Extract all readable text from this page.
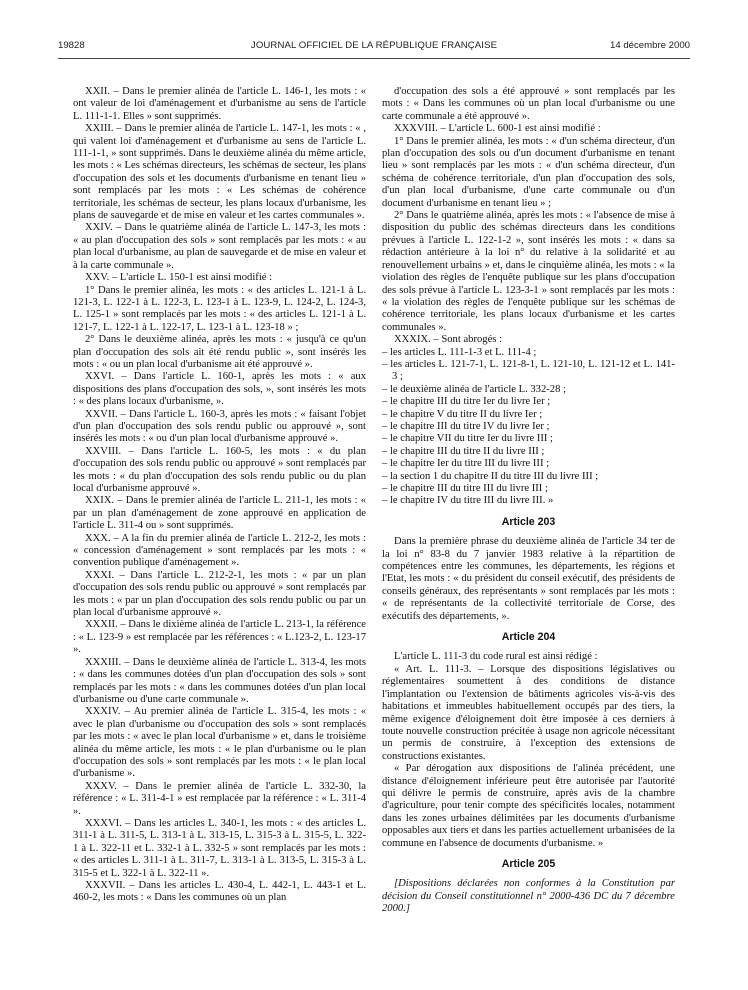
19828	JOURNAL OFFICIEL DE LA RÉPUBLIQUE FRANÇAISE	14 décembre 2000

XXII. – Dans le premier alinéa de l'article L. 146-1, les mots : « ont valeur de loi d'aménagement et d'urbanisme au sens de l'article L. 111-1-1. Elles » sont supprimés.

XXIII. – Dans le premier alinéa de l'article L. 147-1, les mots : « , qui valent loi d'aménagement et d'urbanisme au sens de l'article L. 111-1-1, » sont supprimés. Dans le deuxième alinéa du même article, les mots : « Les schémas directeurs, les schémas de secteur, les plans d'occupation des sols et les documents d'urbanisme en tenant lieu » sont remplacés par les mots : « Les schémas de cohérence territoriale, les schémas de secteur, les plans locaux d'urbanisme, les plans de sauvegarde et de mise en valeur et les cartes communales ».

XXIV. – Dans le quatrième alinéa de l'article L. 147-3, les mots : « au plan d'occupation des sols » sont remplacés par les mots : « au plan local d'urbanisme, au plan de sauvegarde et de mise en valeur et à la carte communale ».

XXV. – L'article L. 150-1 est ainsi modifié :

1° Dans le premier alinéa, les mots : « des articles L. 121-1 à L. 121-3, L. 122-1 à L. 122-3, L. 123-1 à L. 123-9, L. 124-2, L. 124-3, L. 125-1 » sont remplacés par les mots : « des articles L. 121-1 à L. 121-7, L. 122-1 à L. 122-17, L. 123-1 à L. 123-18 » ;

2° Dans le deuxième alinéa, après les mots : « jusqu'à ce qu'un plan d'occupation des sols ait été rendu public », sont insérés les mots : « ou un plan local d'urbanisme ait été approuvé ».

XXVI. – Dans l'article L. 160-1, après les mots : « aux dispositions des plans d'occupation des sols, », sont insérés les mots : « des plans locaux d'urbanisme, ».

XXVII. – Dans l'article L. 160-3, après les mots : « faisant l'objet d'un plan d'occupation des sols rendu public ou approuvé », sont insérés les mots : « ou d'un plan local d'urbanisme approuvé ».

XXVIII. – Dans l'article L. 160-5, les mots : « du plan d'occupation des sols rendu public ou approuvé » sont remplacés par les mots : « du plan d'occupation des sols rendu public ou du plan local d'urbanisme approuvé ».

XXIX. – Dans le premier alinéa de l'article L. 211-1, les mots : « par un plan d'aménagement de zone approuvé en application de l'article L. 311-4 ou » sont supprimés.

XXX. – A la fin du premier alinéa de l'article L. 212-2, les mots : « concession d'aménagement » sont remplacés par les mots : « convention publique d'aménagement ».

XXXI. – Dans l'article L. 212-2-1, les mots : « par un plan d'occupation des sols rendu public ou approuvé » sont remplacés par les mots : « par un plan d'occupation des sols rendu public ou par un plan local d'urbanisme approuvé ».

XXXII. – Dans le dixième alinéa de l'article L. 213-1, la référence : « L. 123-9 » est remplacée par les références : « L.123-2, L. 123-17 ».

XXXIII. – Dans le deuxième alinéa de l'article L. 313-4, les mots : « dans les communes dotées d'un plan d'occupation des sols » sont remplacés par les mots : « dans les communes dotées d'un plan local d'urbanisme ou d'une carte communale ».

XXXIV. – Au premier alinéa de l'article L. 315-4, les mots : « avec le plan d'urbanisme ou d'occupation des sols » sont remplacés par les mots : « avec le plan local d'urbanisme » et, dans le troisième alinéa du même article, les mots : « le plan d'urbanisme ou le plan d'occupation des sols » sont remplacés par les mots : « le plan local d'urbanisme ».

XXXV. – Dans le premier alinéa de l'article L. 332-30, la référence : « L. 311-4-1 » est remplacée par la référence : « L. 311-4 ».

XXXVI. – Dans les articles L. 340-1, les mots : « des articles L. 311-1 à L. 311-5, L. 313-1 à L. 313-15, L. 315-3 à L. 315-5, L. 322-1 à L. 322-11 et L. 332-1 à L. 332-5 » sont remplacés par les mots : « des articles L. 311-1 à L. 311-7, L. 313-1 à L. 313-5, L. 315-3 à L. 315-5 et L. 322-1 à L. 322-11 ».

XXXVII. – Dans les articles L. 430-4, L. 442-1, L. 443-1 et L. 460-2, les mots : « Dans les communes où un plan

d'occupation des sols a été approuvé » sont remplacés par les mots : « Dans les communes où un plan local d'urbanisme ou une carte communale a été approuvé ».

XXXVIII. – L'article L. 600-1 est ainsi modifié :

1° Dans le premier alinéa, les mots : « d'un schéma directeur, d'un plan d'occupation des sols ou d'un document d'urbanisme en tenant lieu » sont remplacés par les mots : « d'un schéma directeur, d'un schéma de cohérence territoriale, d'un plan d'occupation des sols, d'un plan local d'urbanisme, d'une carte communale ou d'un document d'urbanisme en tenant lieu » ;

2° Dans le quatrième alinéa, après les mots : « l'absence de mise à disposition du public des schémas directeurs dans les conditions prévues à l'article L. 122-1-2 », sont insérés les mots : « dans sa rédaction antérieure à la loi n° du relative à la solidarité et au renouvellement urbains » et, dans le cinquième alinéa, les mots : « la violation des règles de l'enquête publique sur les plans d'occupation des sols prévue à l'article L. 123-3-1 » sont remplacés par les mots : « la violation des règles de l'enquête publique sur les schémas de cohérence territoriale, les plans locaux d'urbanisme et les cartes communales ».

XXXIX. – Sont abrogés :

– les articles L. 111-1-3 et L. 111-4 ;

– les articles L. 121-7-1, L. 121-8-1, L. 121-10, L. 121-12 et L. 141-3 ;

– le deuxième alinéa de l'article L. 332-28 ;

– le chapitre III du titre Ier du livre Ier ;

– le chapitre V du titre II du livre Ier ;

– le chapitre III du titre IV du livre Ier ;

– le chapitre VII du titre Ier du livre III ;

– le chapitre III du titre II du livre III ;

– le chapitre Ier du titre III du livre III ;

– la section 1 du chapitre II du titre III du livre III ;

– le chapitre III du titre III du livre III ;

– le chapitre IV du titre III du livre III. »

Article 203

Dans la première phrase du deuxième alinéa de l'article 34 ter de la loi n° 83-8 du 7 janvier 1983 relative à la répartition de compétences entre les communes, les départements, les régions et l'Etat, les mots : « du président du conseil exécutif, des présidents de conseils généraux, des représentants » sont remplacés par les mots : « de représentants de la collectivité territoriale de Corse, des exécutifs des départements, ».

Article 204

L'article L. 111-3 du code rural est ainsi rédigé :

« Art. L. 111-3. – Lorsque des dispositions législatives ou réglementaires soumettent à des conditions de distance l'implantation ou l'extension de bâtiments agricoles vis-à-vis des habitations et immeubles habituellement occupés par des tiers, la même exigence d'éloignement doit être imposée à ces derniers à toute nouvelle construction précitée à usage non agricole nécessitant un permis de construire, à l'exception des extensions de constructions existantes.

« Par dérogation aux dispositions de l'alinéa précédent, une distance d'éloignement inférieure peut être autorisée par l'autorité qui délivre le permis de construire, après avis de la chambre d'agriculture, pour tenir compte des spécificités locales, notamment dans les zones urbaines délimitées par les documents d'urbanisme opposables aux tiers et dans les parties actuellement urbanisées de la commune en l'absence de documents d'urbanisme. »

Article 205

[Dispositions déclarées non conformes à la Constitution par décision du Conseil constitutionnel n° 2000-436 DC du 7 décembre 2000.]
